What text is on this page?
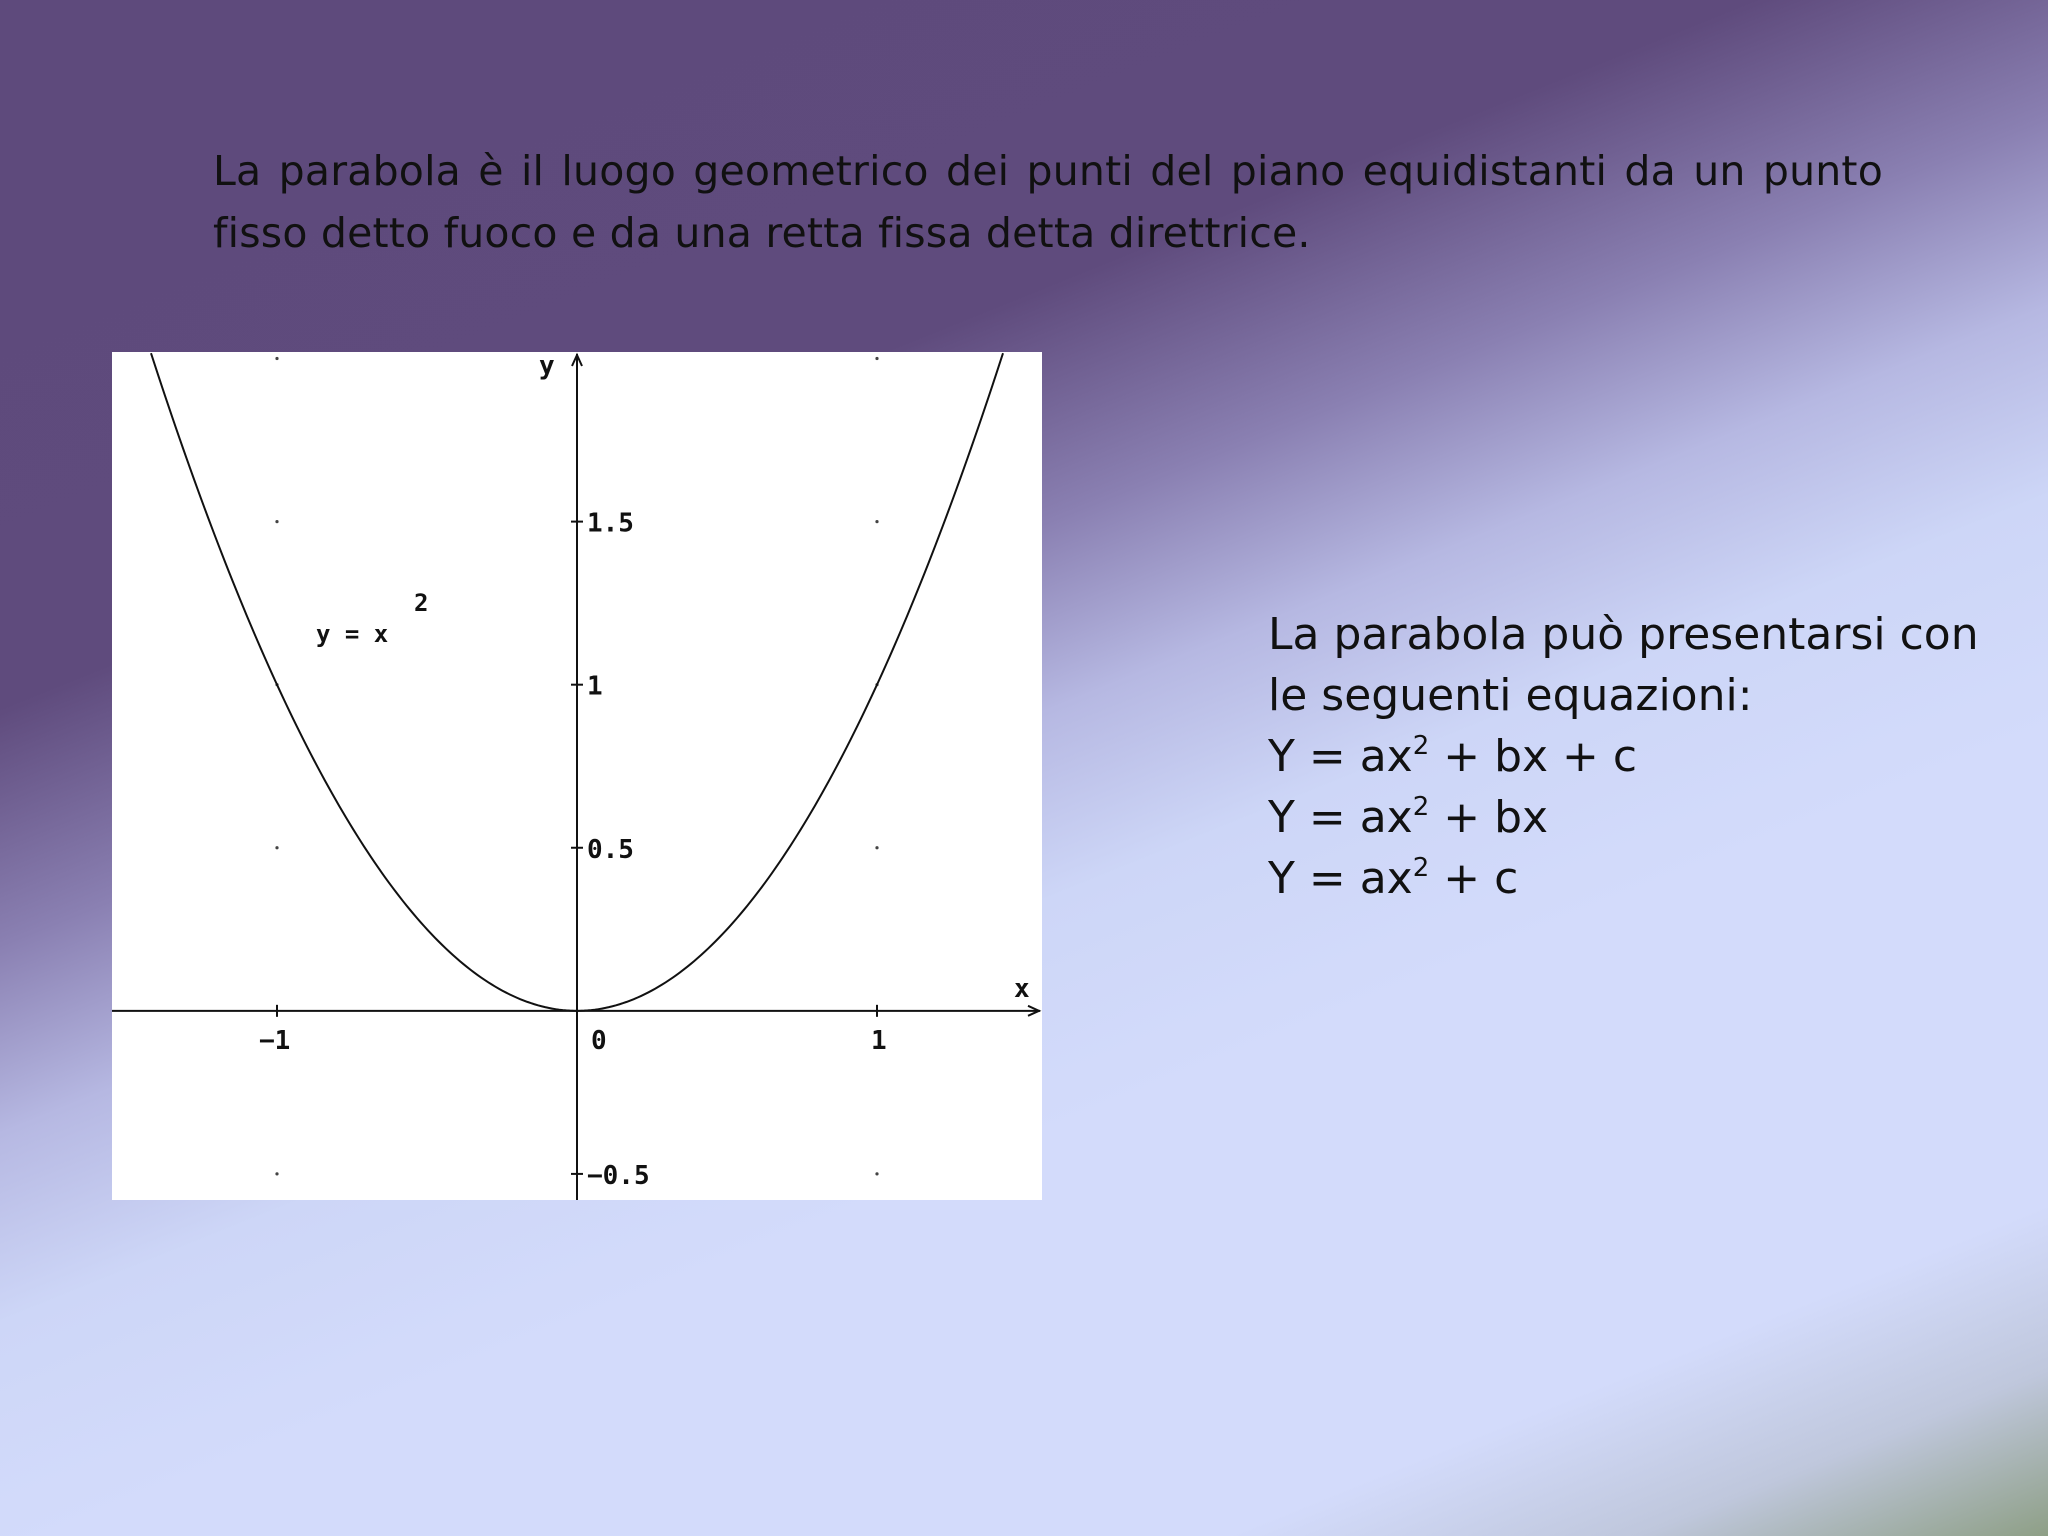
La parabola è il luogo geometrico dei punti del piano equidistanti da un punto fisso detto fuoco e da una retta fissa detta direttrice.

−1	0	1
0.5
1
1.5
−0.5
x
y
y = x
2

La parabola può presentarsi con

le seguenti equazioni:

$Y = ax^2$ + bx + c

$Y = ax^2$ + bx

$Y = ax^2 + c$
